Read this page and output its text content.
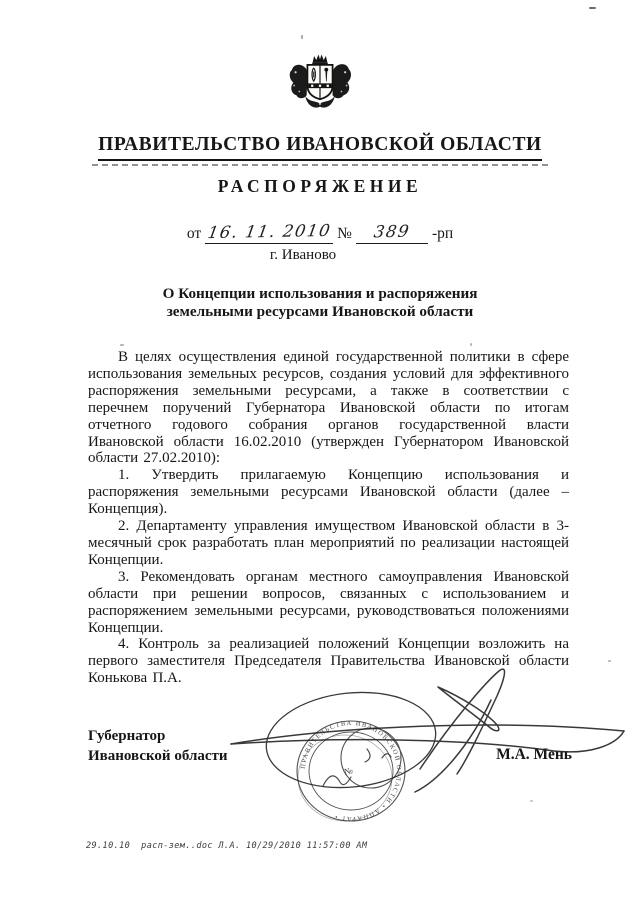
ПРАВИТЕЛЬСТВО ИВАНОВСКОЙ ОБЛАСТИ
РАСПОРЯЖЕНИЕ
от 16. 11. 2010 №	389	-рп
г. Иваново
О Концепции использования и распоряжения
земельными ресурсами Ивановской области

В целях осуществления единой государственной политики в сфере использования земельных ресурсов, создания условий для эффективного распоряжения земельными ресурсами, а также в соответствии с перечнем поручений Губернатора Ивановской области по итогам отчетного годового собрания органов государственной власти Ивановской области 16.02.2010 (утвержден Губернатором Ивановской области 27.02.2010):

1. Утвердить прилагаемую Концепцию использования и распоряжения земельными ресурсами Ивановской области (далее – Концепция).

2. Департаменту управления имуществом Ивановской области в 3-месячный срок разработать план мероприятий по реализации настоящей Концепции.

3. Рекомендовать органам местного самоуправления Ивановской области при решении вопросов, связанных с использованием и распоряжением земельными ресурсами, руководствоваться положениями Концепции.

4. Контроль за реализацией положений Концепции возложить на первого заместителя Председателя Правительства Ивановской области Конькова П.А.

Губернатор
Ивановской области	М.А. Мень
ПРАВИТЕЛЬСТВА ИВАНОВСКОЙ ОБЛАСТИ • АППАРАТ •
№
29.10.10  расп-зем..doc Л.А. 10/29/2010 11:57:00 AM
